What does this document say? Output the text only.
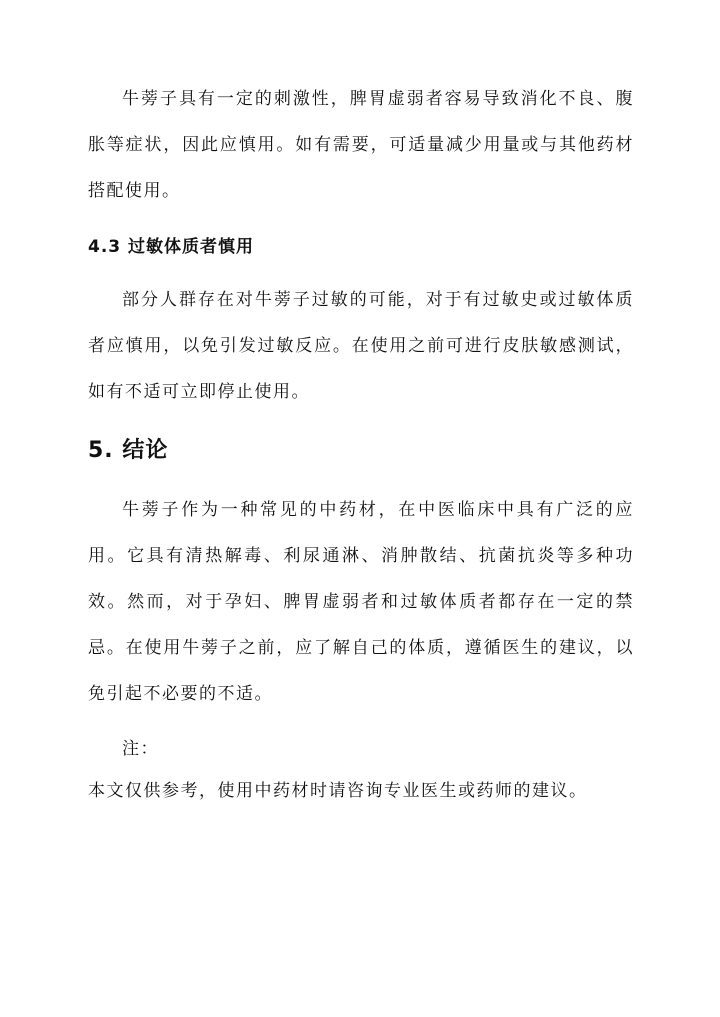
牛蒡子具有一定的刺激性，脾胃虚弱者容易导致消化不良、腹胀等症状，因此应慎用。如有需要，可适量减少用量或与其他药材搭配使用。

4.3 过敏体质者慎用

部分人群存在对牛蒡子过敏的可能，对于有过敏史或过敏体质者应慎用，以免引发过敏反应。在使用之前可进行皮肤敏感测试，如有不适可立即停止使用。

5. 结论

牛蒡子作为一种常见的中药材，在中医临床中具有广泛的应用。它具有清热解毒、利尿通淋、消肿散结、抗菌抗炎等多种功效。然而，对于孕妇、脾胃虚弱者和过敏体质者都存在一定的禁忌。在使用牛蒡子之前，应了解自己的体质，遵循医生的建议，以免引起不必要的不适。

注：

本文仅供参考，使用中药材时请咨询专业医生或药师的建议。
